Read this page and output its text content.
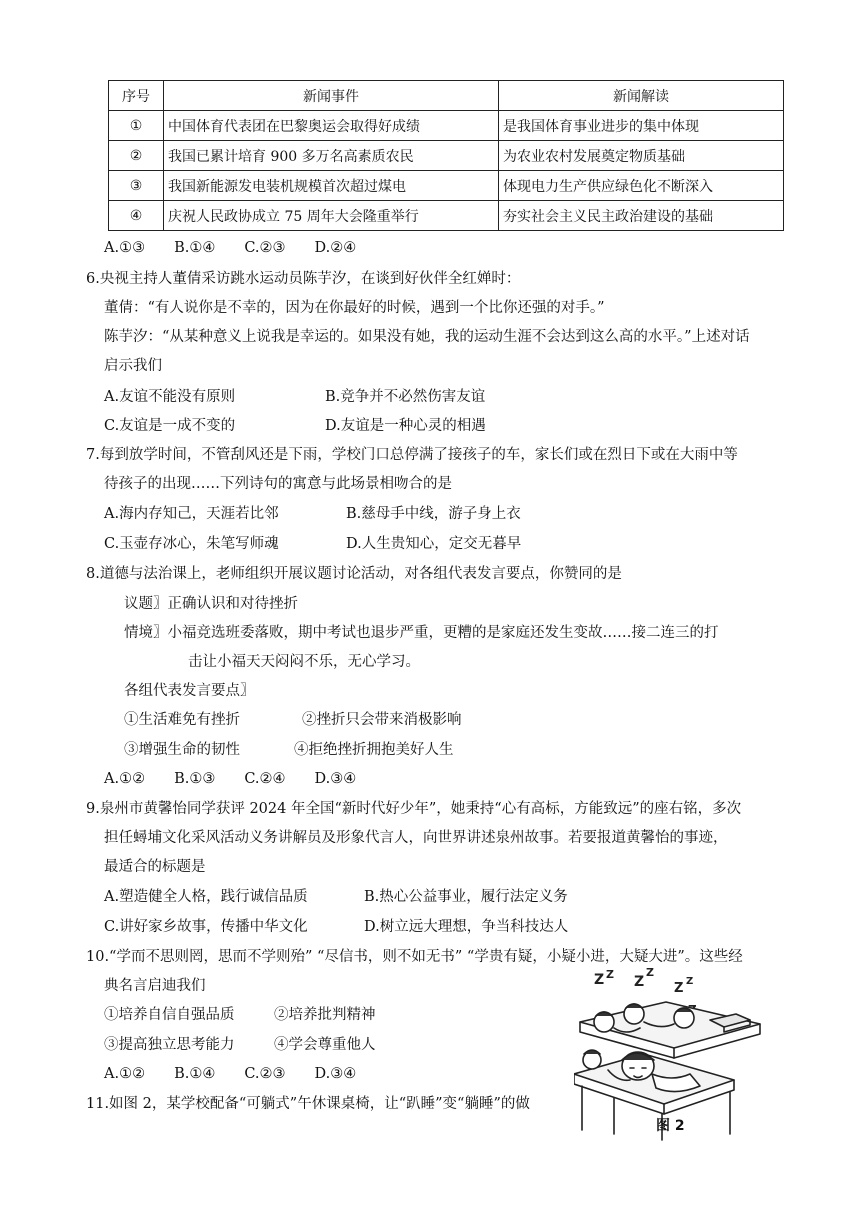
序号	新闻事件	新闻解读
①	中国体育代表团在巴黎奥运会取得好成绩	是我国体育事业进步的集中体现
②	我国已累计培育 900 多万名高素质农民	为农业农村发展奠定物质基础
③	我国新能源发电装机规模首次超过煤电	体现电力生产供应绿色化不断深入
④	庆祝人民政协成立 75 周年大会隆重举行	夯实社会主义民主政治建设的基础
A.①③　　B.①④　　C.②③　　D.②④
6.央视主持人董倩采访跳水运动员陈芋汐，在谈到好伙伴全红婵时：
董倩：“有人说你是不幸的，因为在你最好的时候，遇到一个比你还强的对手。”
陈芋汐：“从某种意义上说我是幸运的。如果没有她，我的运动生涯不会达到这么高的水平。”上述对话
启示我们
A.友谊不能没有原则	B.竞争并不必然伤害友谊
C.友谊是一成不变的	D.友谊是一种心灵的相遇
7.每到放学时间，不管刮风还是下雨，学校门口总停满了接孩子的车，家长们或在烈日下或在大雨中等
待孩子的出现……下列诗句的寓意与此场景相吻合的是
A.海内存知己，天涯若比邻	B.慈母手中线，游子身上衣
C.玉壶存冰心，朱笔写师魂	D.人生贵知心，定交无暮早
8.道德与法治课上，老师组织开展议题讨论活动，对各组代表发言要点，你赞同的是
议题〗正确认识和对待挫折
情境〗小福竞选班委落败，期中考试也退步严重，更糟的是家庭还发生变故……接二连三的打
击让小福天天闷闷不乐，无心学习。
各组代表发言要点〗
①生活难免有挫折	②挫折只会带来消极影响
③增强生命的韧性	④拒绝挫折拥抱美好人生
A.①②　　B.①③　　C.②④　　D.③④
9.泉州市黄馨怡同学获评 2024 年全国“新时代好少年”，她秉持“心有高标，方能致远”的座右铭，多次
担任蟳埔文化采风活动义务讲解员及形象代言人，向世界讲述泉州故事。若要报道黄馨怡的事迹，
最适合的标题是
A.塑造健全人格，践行诚信品质	B.热心公益事业，履行法定义务
C.讲好家乡故事，传播中华文化	D.树立远大理想，争当科技达人
10.“学而不思则罔，思而不学则殆” “尽信书，则不如无书” “学贵有疑，小疑小进，大疑大进”。这些经
典名言启迪我们
①培养自信自强品质	②培养批判精神
③提高独立思考能力	④学会尊重他人
A.①②　　B.①④　　C.②③　　D.③④
11.如图 2，某学校配备“可躺式”午休课桌椅，让“趴睡”变“躺睡”的做
Z Z Z
Z
Z Z
图 2
